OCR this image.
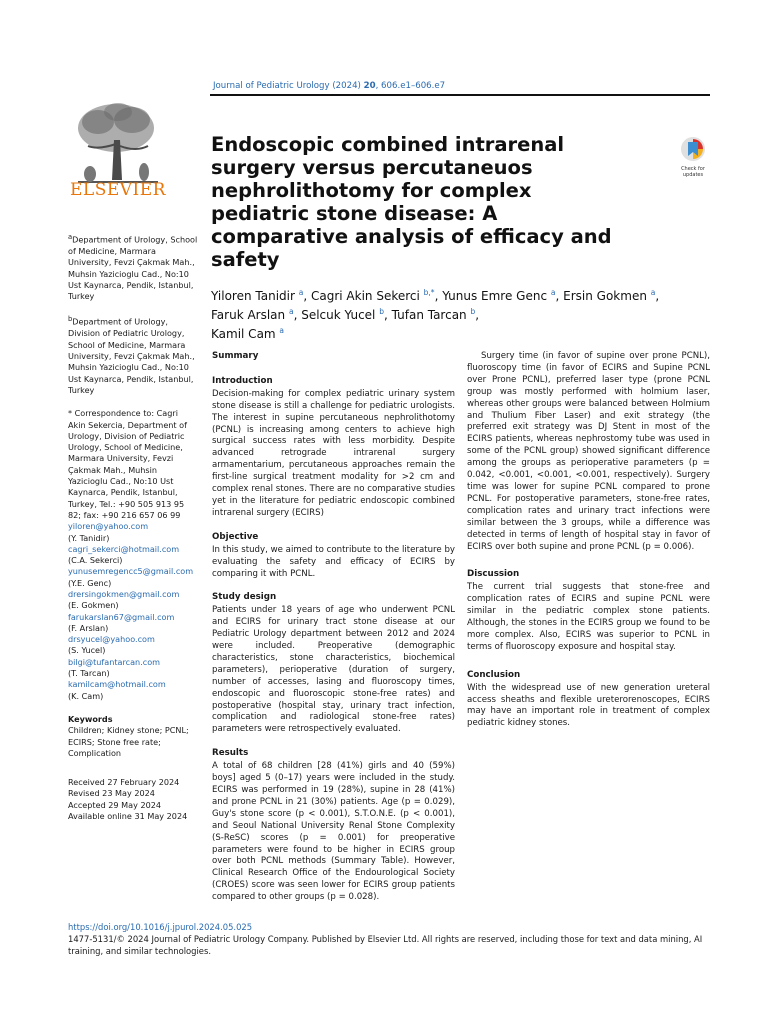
Journal of Pediatric Urology (2024) 20, 606.e1–606.e7
ELSEVIER
Endoscopic combined intrarenal surgery versus percutaneuos nephrolithotomy for complex pediatric stone disease: A comparative analysis of efficacy and safety
Check for
updates
Yiloren Tanidir $^a$, Cagri Akin Sekerci $^{b,*}$, Yunus Emre Genc $^a$, Ersin Gokmen $^a$,
Faruk Arslan $^a$, Selcuk Yucel $^b$, Tufan Tarcan $^b$,
Kamil Cam $^a$

$^a$Department of Urology, School of Medicine, Marmara University, Fevzi Çakmak Mah., Muhsin Yazicioglu Cad., No:10 Ust Kaynarca, Pendik, Istanbul, Turkey

$^b$Department of Urology, Division of Pediatric Urology, School of Medicine, Marmara University, Fevzi Çakmak Mah., Muhsin Yazicioglu Cad., No:10 Ust Kaynarca, Pendik, Istanbul, Turkey

* Correspondence to: Cagri Akin Sekercia, Department of Urology, Division of Pediatric Urology, School of Medicine, Marmara University, Fevzi Çakmak Mah., Muhsin Yazicioglu Cad., No:10 Ust Kaynarca, Pendik, Istanbul, Turkey, Tel.: +90 505 913 95 82; fax: +90 216 657 06 99

yiloren@yahoo.com
(Y. Tanidir)
cagri_sekerci@hotmail.com
(C.A. Sekerci)
yunusemregencc5@gmail.com
(Y.E. Genc)
drersingokmen@gmail.com
(E. Gokmen)
farukarslan67@gmail.com
(F. Arslan)
drsyucel@yahoo.com
(S. Yucel)
bilgi@tufantarcan.com
(T. Tarcan)
kamilcam@hotmail.com
(K. Cam)

Keywords
Children; Kidney stone; PCNL; ECIRS; Stone free rate; Complication

Received 27 February 2024
Revised 23 May 2024
Accepted 29 May 2024
Available online 31 May 2024
Summary
Introduction

Decision-making for complex pediatric urinary system stone disease is still a challenge for pediatric urologists. The interest in supine percutaneous nephrolithotomy (PCNL) is increasing among centers to achieve high surgical success rates with less morbidity. Despite advanced retrograde intrarenal surgery armamentarium, percutaneous approaches remain the first-line surgical treatment modality for >2 cm and complex renal stones. There are no comparative studies yet in the literature for pediatric endoscopic combined intrarenal surgery (ECIRS)

Objective

In this study, we aimed to contribute to the literature by evaluating the safety and efficacy of ECIRS by comparing it with PCNL.

Study design

Patients under 18 years of age who underwent PCNL and ECIRS for urinary tract stone disease at our Pediatric Urology department between 2012 and 2024 were included. Preoperative (demographic characteristics, stone characteristics, biochemical parameters), perioperative (duration of surgery, number of accesses, lasing and fluoroscopy times, endoscopic and fluoroscopic stone-free rates) and postoperative (hospital stay, urinary tract infection, complication and radiological stone-free rates) parameters were retrospectively evaluated.

Results

A total of 68 children [28 (41%) girls and 40 (59%) boys] aged 5 (0–17) years were included in the study. ECIRS was performed in 19 (28%), supine in 28 (41%) and prone PCNL in 21 (30%) patients. Age (p = 0.029), Guy's stone score (p < 0.001), S.T.O.N.E. (p < 0.001), and Seoul National University Renal Stone Complexity (S-ReSC) scores (p = 0.001) for preoperative parameters were found to be higher in ECIRS group over both PCNL methods (Summary Table). However, Clinical Research Office of the Endourological Society (CROES) score was seen lower for ECIRS group patients compared to other groups (p = 0.028).

Surgery time (in favor of supine over prone PCNL), fluoroscopy time (in favor of ECIRS and Supine PCNL over Prone PCNL), preferred laser type (prone PCNL group was mostly performed with holmium laser, whereas other groups were balanced between Holmium and Thulium Fiber Laser) and exit strategy (the preferred exit strategy was DJ Stent in most of the ECIRS patients, whereas nephrostomy tube was used in some of the PCNL group) showed significant difference among the groups as perioperative parameters (p = 0.042, <0.001, <0.001, <0.001, respectively). Surgery time was lower for supine PCNL compared to prone PCNL. For postoperative parameters, stone-free rates, complication rates and urinary tract infections were similar between the 3 groups, while a difference was detected in terms of length of hospital stay in favor of ECIRS over both supine and prone PCNL (p = 0.006).

Discussion

The current trial suggests that stone-free and complication rates of ECIRS and supine PCNL were similar in the pediatric complex stone patients. Although, the stones in the ECIRS group we found to be more complex. Also, ECIRS was superior to PCNL in terms of fluoroscopy exposure and hospital stay.

Conclusion

With the widespread use of new generation ureteral access sheaths and flexible ureterorenoscopes, ECIRS may have an important role in treatment of complex pediatric kidney stones.

https://doi.org/10.1016/j.jpurol.2024.05.025
1477-5131/© 2024 Journal of Pediatric Urology Company. Published by Elsevier Ltd. All rights are reserved, including those for text and data mining, AI training, and similar technologies.
